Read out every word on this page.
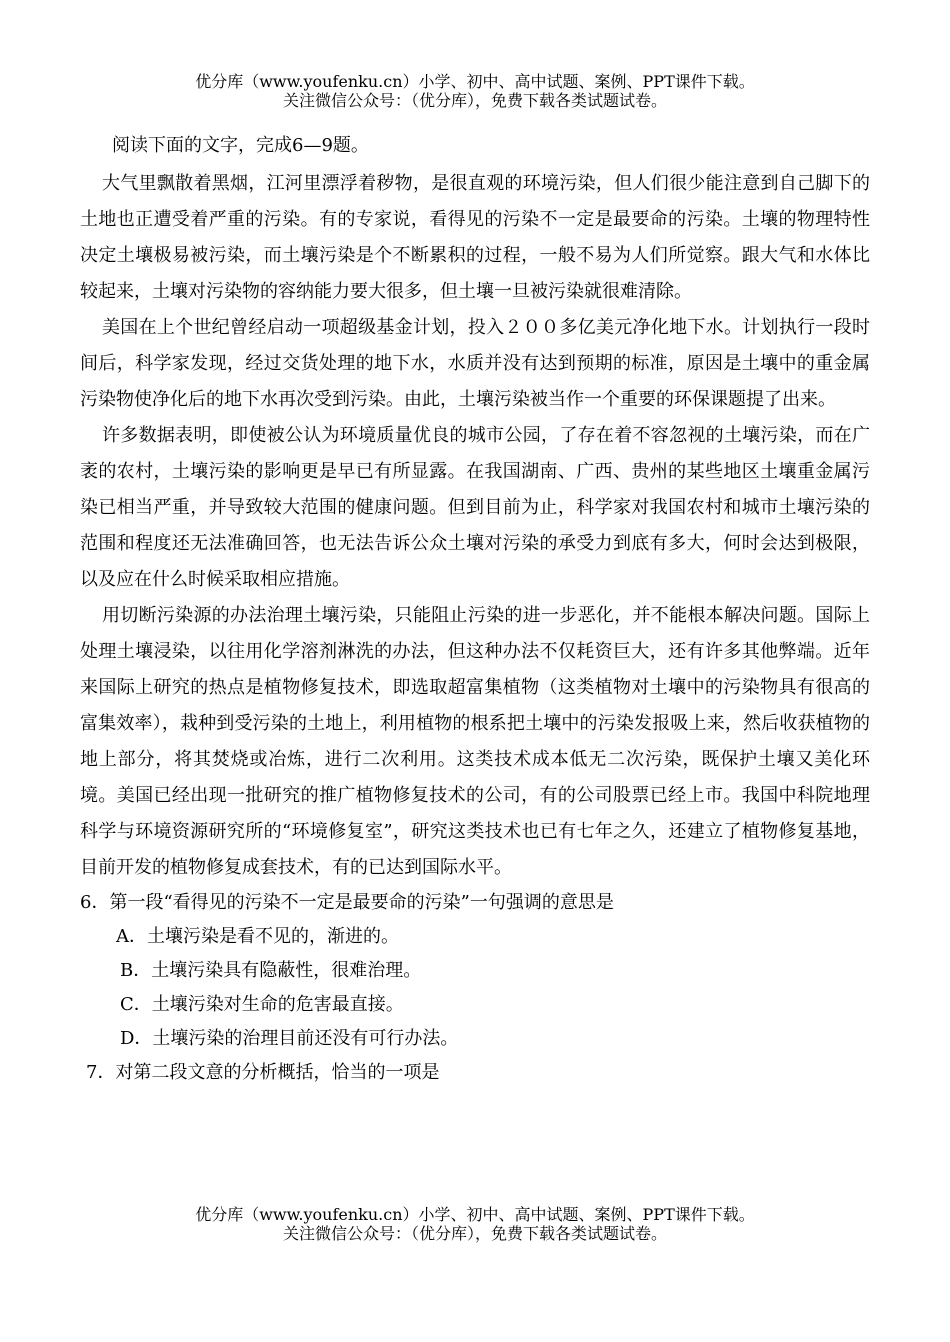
优分库（www.youfenku.cn）小学、初中、高中试题、案例、PPT课件下载。
关注微信公众号：（优分库），免费下载各类试题试卷。

阅读下面的文字，完成6—9题。

大气里飘散着黑烟，江河里漂浮着秽物，是很直观的环境污染，但人们很少能注意到自己脚下的土地也正遭受着严重的污染。有的专家说，看得见的污染不一定是最要命的污染。土壤的物理特性决定土壤极易被污染，而土壤污染是个不断累积的过程，一般不易为人们所觉察。跟大气和水体比较起来，土壤对污染物的容纳能力要大很多，但土壤一旦被污染就很难清除。

美国在上个世纪曾经启动一项超级基金计划，投入２００多亿美元净化地下水。计划执行一段时间后，科学家发现，经过交货处理的地下水，水质并没有达到预期的标准，原因是土壤中的重金属污染物使净化后的地下水再次受到污染。由此，土壤污染被当作一个重要的环保课题提了出来。

许多数据表明，即使被公认为环境质量优良的城市公园，了存在着不容忽视的土壤污染，而在广袤的农村，土壤污染的影响更是早已有所显露。在我国湖南、广西、贵州的某些地区土壤重金属污染已相当严重，并导致较大范围的健康问题。但到目前为止，科学家对我国农村和城市土壤污染的范围和程度还无法准确回答，也无法告诉公众土壤对污染的承受力到底有多大，何时会达到极限，以及应在什么时候采取相应措施。

用切断污染源的办法治理土壤污染，只能阻止污染的进一步恶化，并不能根本解决问题。国际上处理土壤浸染，以往用化学溶剂淋洗的办法，但这种办法不仅耗资巨大，还有许多其他弊端。近年来国际上研究的热点是植物修复技术，即选取超富集植物（这类植物对土壤中的污染物具有很高的富集效率），栽种到受污染的土地上，利用植物的根系把土壤中的污染发报吸上来，然后收获植物的地上部分，将其焚烧或冶炼，进行二次利用。这类技术成本低无二次污染，既保护土壤又美化环境。美国已经出现一批研究的推广植物修复技术的公司，有的公司股票已经上市。我国中科院地理科学与环境资源研究所的“环境修复室”，研究这类技术也已有七年之久，还建立了植物修复基地，目前开发的植物修复成套技术，有的已达到国际水平。

6．第一段“看得见的污染不一定是最要命的污染”一句强调的意思是

A．土壤污染是看不见的，渐进的。

B．土壤污染具有隐蔽性，很难治理。

C．土壤污染对生命的危害最直接。

D．土壤污染的治理目前还没有可行办法。

7．对第二段文意的分析概括，恰当的一项是

优分库（www.youfenku.cn）小学、初中、高中试题、案例、PPT课件下载。
关注微信公众号：（优分库），免费下载各类试题试卷。
